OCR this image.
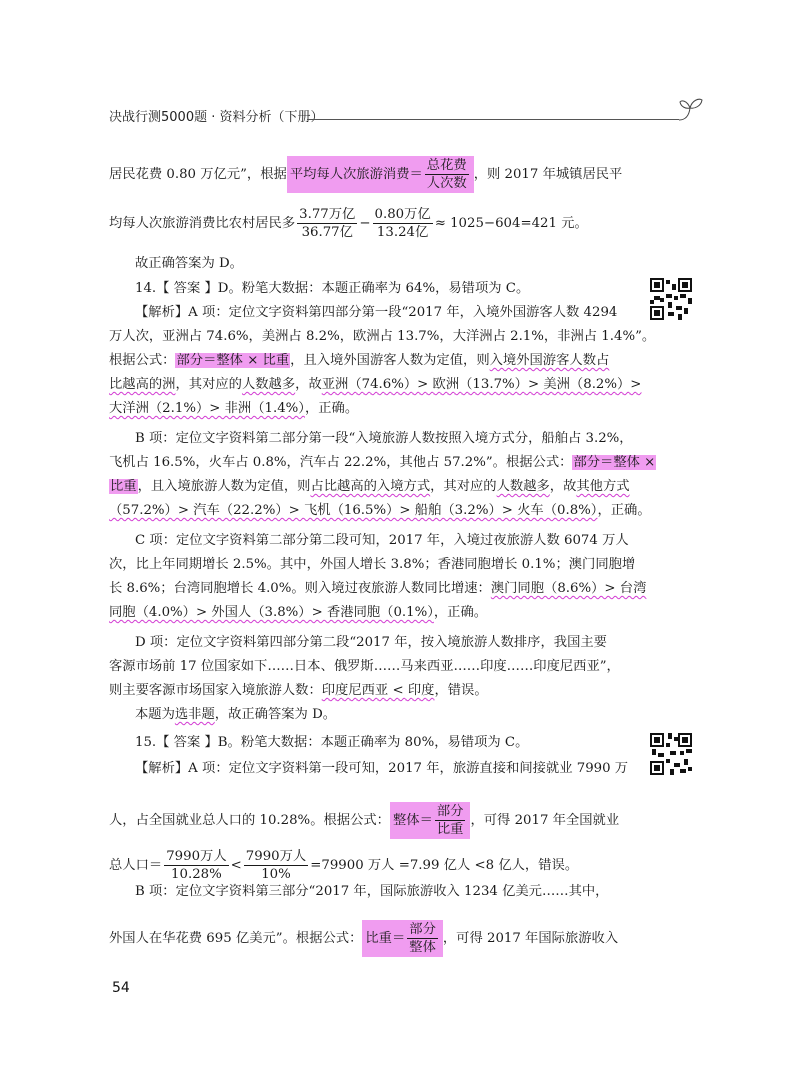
决战行测5000题 · 资料分析（下册）
居民花费 0.80 万亿元”，根据 平均每人次旅游消费＝ $\frac{\text{总花费}}{\text{人次数}}$ ，则 2017 年城镇居民平
均每人次旅游消费比农村居民多 $\frac{\text{3.77万亿}}{\text{36.77亿}} - \frac{\text{0.80万亿}}{\text{13.24亿}} \approx 1025-604=421$ 元。
故正确答案为 D。
14.【 答案 】D。粉笔大数据：本题正确率为 64%，易错项为 C。
【解析】A 项：定位文字资料第四部分第一段“2017 年，入境外国游客人数 4294
万人次，亚洲占 74.6%，美洲占 8.2%，欧洲占 13.7%，大洋洲占 2.1%，非洲占 1.4%”。
根据公式：部分＝整体 × 比重，且入境外国游客人数为定值，则入境外国游客人数占
比越高的洲，其对应的人数越多，故亚洲（74.6%）> 欧洲（13.7%）> 美洲（8.2%）>
大洋洲（2.1%）> 非洲（1.4%），正确。
B 项：定位文字资料第二部分第一段“入境旅游人数按照入境方式分，船舶占 3.2%，
飞机占 16.5%，火车占 0.8%，汽车占 22.2%，其他占 57.2%”。根据公式：部分＝整体 ×
比重，且入境旅游人数为定值，则占比越高的入境方式，其对应的人数越多，故其他方式
（57.2%）> 汽车（22.2%）> 飞机（16.5%）> 船舶（3.2%）> 火车（0.8%），正确。
C 项：定位文字资料第二部分第二段可知，2017 年，入境过夜旅游人数 6074 万人
次，比上年同期增长 2.5%。其中，外国人增长 3.8%；香港同胞增长 0.1%；澳门同胞增
长 8.6%；台湾同胞增长 4.0%。则入境过夜旅游人数同比增速：澳门同胞（8.6%）> 台湾
同胞（4.0%）> 外国人（3.8%）> 香港同胞（0.1%），正确。
D 项：定位文字资料第四部分第二段“2017 年，按入境旅游人数排序，我国主要
客源市场前 17 位国家如下……日本、俄罗斯……马来西亚……印度……印度尼西亚”，
则主要客源市场国家入境旅游人数：印度尼西亚 < 印度，错误。
本题为选非题，故正确答案为 D。
15.【 答案 】B。粉笔大数据：本题正确率为 80%，易错项为 C。
【解析】A 项：定位文字资料第一段可知，2017 年，旅游直接和间接就业 7990 万
人，占全国就业总人口的 10.28%。根据公式： 整体＝ $\frac{\text{部分}}{\text{比重}}$ ，可得 2017 年全国就业
总人口＝ $\frac{\text{7990万人}}{10.28\%} < \frac{\text{7990万人}}{10\%} =79900$ 万人 =7.99 亿人 <8 亿人，错误。
B 项：定位文字资料第三部分“2017 年，国际旅游收入 1234 亿美元……其中，
外国人在华花费 695 亿美元”。根据公式： 比重＝ $\frac{\text{部分}}{\text{整体}}$ ，可得 2017 年国际旅游收入
54
